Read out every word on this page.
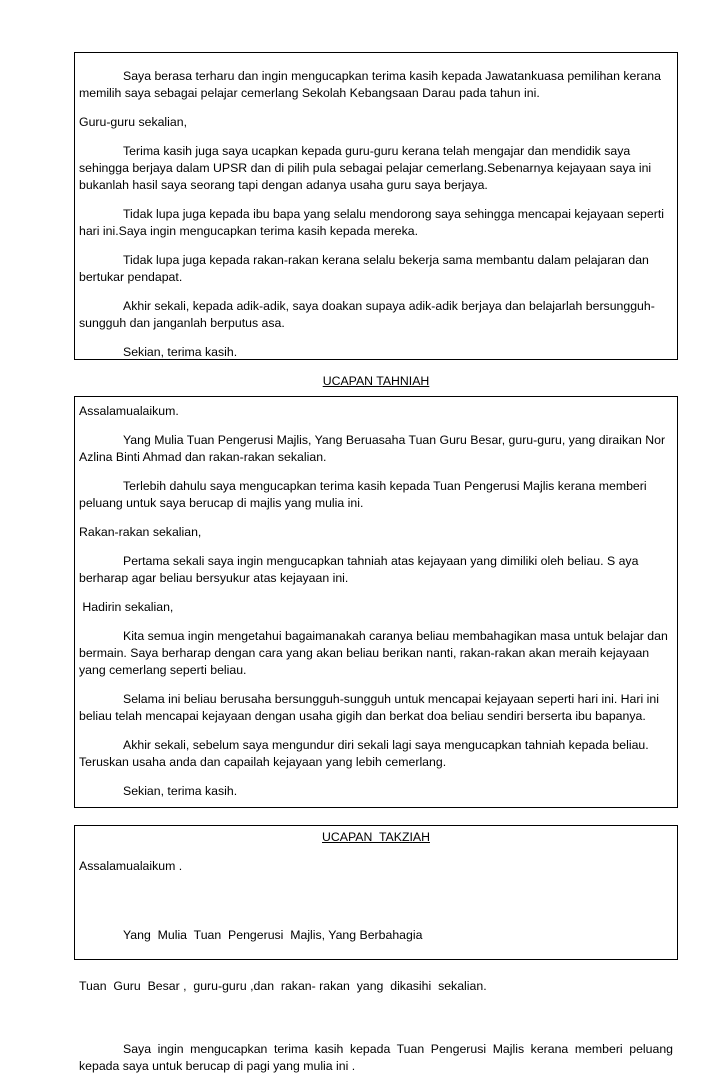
Saya berasa terharu dan ingin mengucapkan terima kasih kepada Jawatankuasa pemilihan kerana memilih saya sebagai pelajar cemerlang Sekolah Kebangsaan Darau pada tahun ini.

Guru-guru sekalian,

Terima kasih juga saya ucapkan kepada guru-guru kerana telah mengajar dan mendidik saya sehingga berjaya dalam UPSR dan di pilih pula sebagai pelajar cemerlang.Sebenarnya kejayaan saya ini bukanlah hasil saya seorang tapi dengan adanya usaha guru saya berjaya.

Tidak lupa juga kepada ibu bapa yang selalu mendorong saya sehingga mencapai kejayaan seperti hari ini.Saya ingin mengucapkan terima kasih kepada mereka.

Tidak lupa juga kepada rakan-rakan kerana selalu bekerja sama membantu dalam pelajaran dan bertukar pendapat.

Akhir sekali, kepada adik-adik, saya doakan supaya adik-adik berjaya dan belajarlah bersungguh-sungguh dan janganlah berputus asa.

Sekian, terima kasih.

UCAPAN TAHNIAH

Assalamualaikum.

Yang Mulia Tuan Pengerusi Majlis, Yang Beruasaha Tuan Guru Besar, guru-guru, yang diraikan Nor Azlina Binti Ahmad dan rakan-rakan sekalian.

Terlebih dahulu saya mengucapkan terima kasih kepada Tuan Pengerusi Majlis kerana memberi peluang untuk saya berucap di majlis yang mulia ini.

Rakan-rakan sekalian,

Pertama sekali saya ingin mengucapkan tahniah atas kejayaan yang dimiliki oleh beliau. S aya berharap agar beliau bersyukur atas kejayaan ini.

Hadirin sekalian,

Kita semua ingin mengetahui bagaimanakah caranya beliau membahagikan masa untuk belajar dan bermain. Saya berharap dengan cara yang akan beliau berikan nanti, rakan-rakan akan meraih kejayaan yang cemerlang seperti beliau.

Selama ini beliau berusaha bersungguh-sungguh untuk mencapai kejayaan seperti hari ini. Hari ini beliau telah mencapai kejayaan dengan usaha gigih dan berkat doa beliau sendiri berserta ibu bapanya.

Akhir sekali, sebelum saya mengundur diri sekali lagi saya mengucapkan tahniah kepada beliau. Teruskan usaha anda dan capailah kejayaan yang lebih cemerlang.

Sekian, terima kasih.

UCAPAN  TAKZIAH

Assalamualaikum .

Yang  Mulia  Tuan  Pengerusi  Majlis, Yang Berbahagia

Tuan  Guru  Besar ,  guru-guru ,dan  rakan- rakan  yang  dikasihi  sekalian.

Saya ingin mengucapkan terima kasih kepada Tuan Pengerusi Majlis kerana memberi peluang kepada saya untuk berucap di pagi yang mulia ini .
